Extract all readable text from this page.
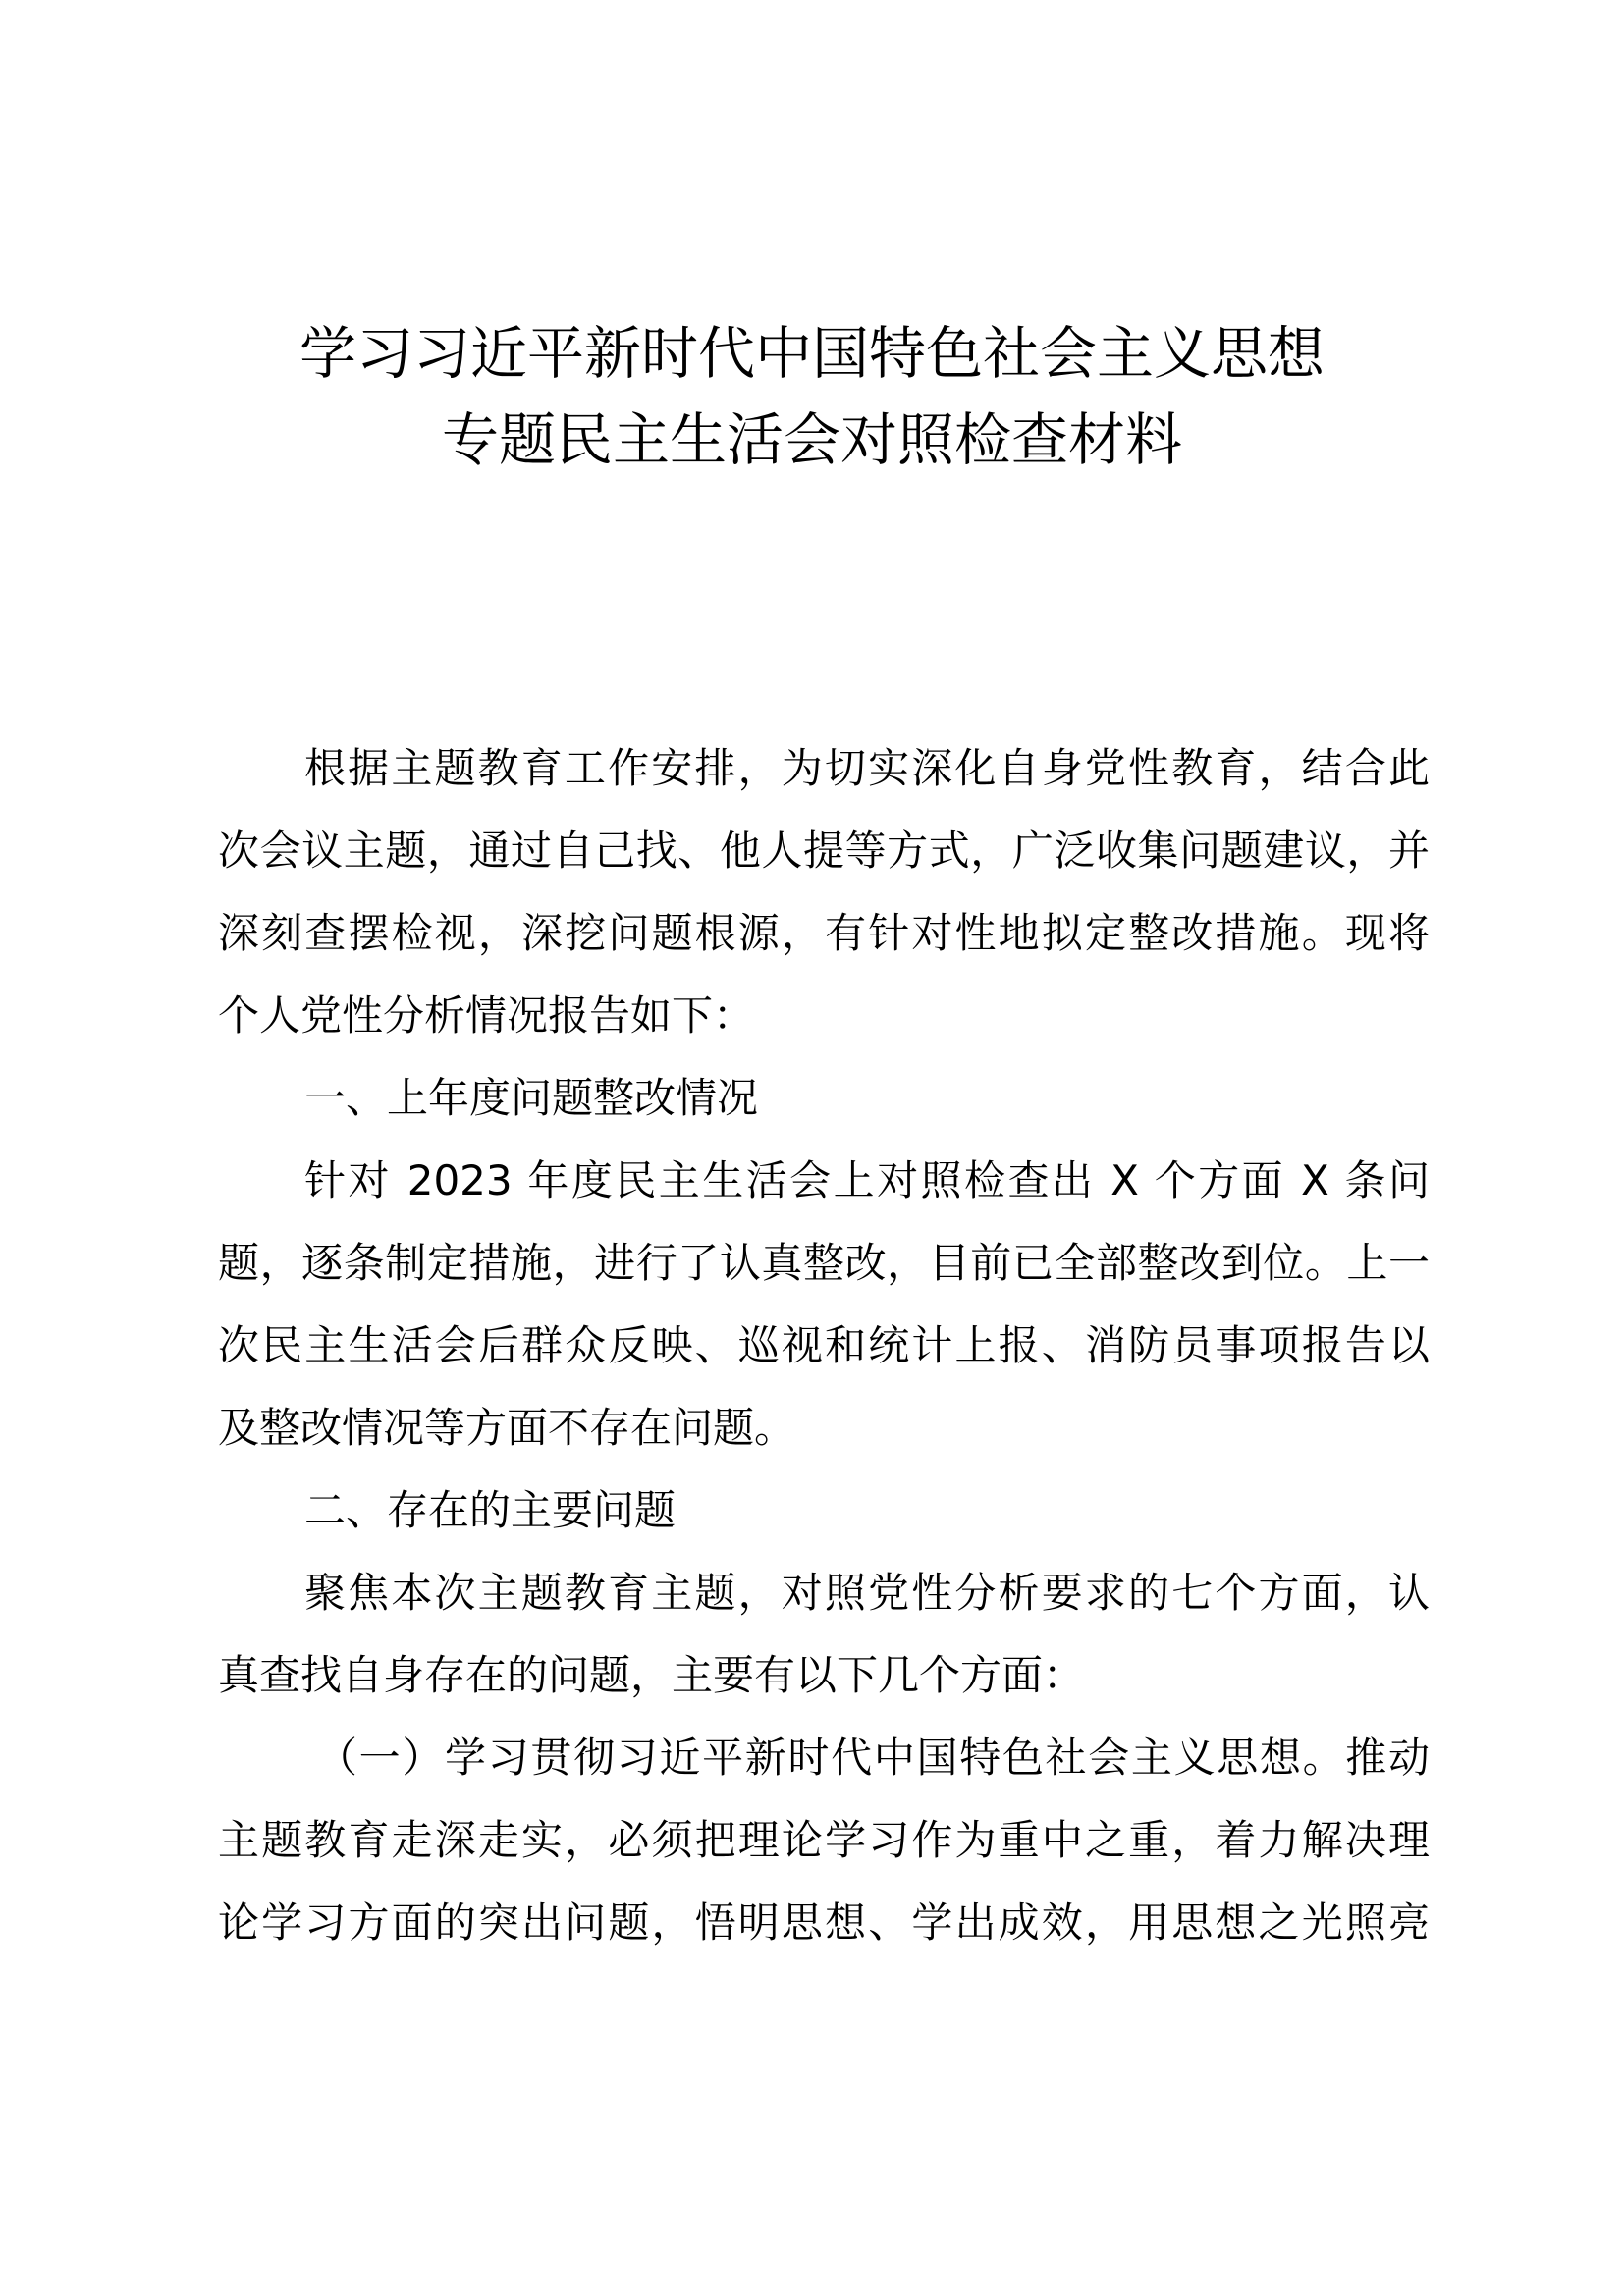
学习习近平新时代中国特色社会主义思想
专题民主生活会对照检查材料
根据主题教育工作安排，为切实深化自身党性教育，结合此
次会议主题，通过自己找、他人提等方式，广泛收集问题建议，并
深刻查摆检视，深挖问题根源，有针对性地拟定整改措施。现将
个人党性分析情况报告如下：
一、上年度问题整改情况
针对 2023 年度民主生活会上对照检查出 X 个方面 X 条问
题，逐条制定措施，进行了认真整改，目前已全部整改到位。上一
次民主生活会后群众反映、巡视和统计上报、消防员事项报告以
及整改情况等方面不存在问题。
二、存在的主要问题
聚焦本次主题教育主题，对照党性分析要求的七个方面，认
真查找自身存在的问题，主要有以下几个方面：
（一）学习贯彻习近平新时代中国特色社会主义思想。推动
主题教育走深走实，必须把理论学习作为重中之重，着力解决理
论学习方面的突出问题，悟明思想、学出成效，用思想之光照亮
